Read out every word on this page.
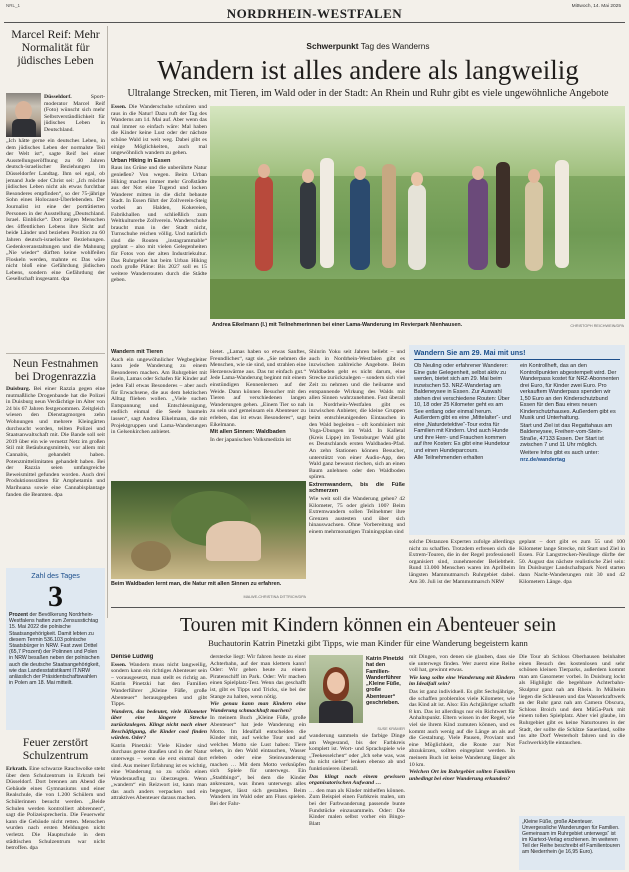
NRL_1
NORDRHEIN-WESTFALEN	Mittwoch, 14. Mai 2025
Marcel Reif: Mehr Normalität für jüdisches Leben
Düsseldorf.	Sport-moderator Marcel Reif (Foto) wünscht sich mehr Selbstverständlichkeit für jüdisches Leben in Deutschland.
„Ich hätte gerne ein deutsches Leben, in dem jüdisches Leben der normalste Teil der Welt ist“, sagte Reif bei einer Ausstellungseröffnung zu 60 Jahren deutsch-israelischer Beziehungen im Düsseldorfer Landtag. Ihm sei egal, ob jemand Jude oder Christ sei: „Ich möchte jüdisches Leben nicht als etwas furchtbar Besonderes empfinden“, so der 75-jährige Sohn eines Holocaust-Überlebenden. Der Journalist ist eine der porträtierten Personen in der Ausstellung „Deutschland. Israel. Einblicke“. Dort zeigen Menschen des öffentlichen Lebens ihre Sicht auf beide Länder und beziehen Position zu 60 Jahren deutsch-israelischer Beziehungen. Gedenkveranstaltungen und die Mahnung „Nie wieder“ dürften keine wohlfeilen Floskeln werden, mahnte er. Das wäre nicht bloß eine Gefährdung jüdischen Lebens, sondern eine Gefährdung der Gesellschaft insgesamt. dpa
Neun Festnahmen bei Drogenrazzia
Duisburg. Bei einer Razzia gegen eine mutmaßliche Drogenbande hat die Polizei in Duisburg neun Verdächtige im Alter von 24 bis 67 Jahren festgenommen. Zeitgleich wiesen den Dienstagmorgen zehn Wohnungen und mehrere Kleingärten durchsucht worden, teilten Polizei und Staatsanwaltschaft mit. Die Bande soll seit 2019 über ein wie vernetzt Netz im großen Stil mit Betäubungsmitteln, vor allem mit Cannabis, gehandelt haben. Potenzmittelimitaten gehandelt haben. Bei der Razzia seien umfangreiche Beweismittel gefunden worden. Auch drei Produktionsstätten für Amphetamin und Marihuana sowie eine Cannabisplantage fanden die Beamten. dpa
Zahl des Tages
3
Prozent der Bevölkerung Nordrhein-Westfalens hatten zum Zensusstichtag 15. Mai 2022 die polnische Staatsangehörigkeit. Damit lebten zu diesem Termin 536.103 polnische Staatsbürger in NRW. Fast zwei Drittel (65,7 Prozent) der Polinnen und Polen in NRW besaßen neben der polnischen auch die deutsche Staatsangehörigkeit, wie das Landesstatistikamt IT.NRW anlässlich der Präsidentschaftswahlen in Polen am 18. Mai mitteilt.
Feuer zerstört Schulzentrum
Erkrath. Eine schwarze Rauchwolke steht über dem Schulzentrum in Erkrath bei Düsseldorf. Dort brennen am Abend die Gebäude eines Gymnasiums und einer Realschule, die von 1.200 Schülern und Schülerinnen besucht werden. „Beide Schulen werden kontrolliert abbrennen“, sagt die Polizeisprecherin. Die Feuerwehr kann die Gebäude nicht retten. Menschen wurden nach ersten Meldungen nicht verletzt. Die Hauptschule in dem städtischen Schulzentrum war nicht betroffen. dpa
Schwerpunkt Tag des Wanderns
Wandern ist alles andere als langweilig
Ultralange Strecken, mit Tieren, im Wald oder in der Stadt: An Rhein und Ruhr gibt es viele ungewöhnliche Angebote

Essen. Die Wanderschuhe schnüren und raus in die Natur! Dazu ruft der Tag des Wanderns am 14. Mai auf. Aber wenn das mal immer so einfach wäre: Mal haben die Kinder keine Lust oder der nächste schöne Wald ist weit weg. Dabei gibt es einige Möglichkeiten, auch mal ungewöhnlich wandern zu gehen.

Urban Hiking in Essen

Raus ins Grüne und die unberührte Natur genießen? Von wegen. Beim Urban Hiking machen immer mehr Großstädte aus der Not eine Tugend und locken Wanderer mitten in die dicht bebaute Stadt. In Essen führt der Zollverein-Steig vorbei an Halden, Kokereien, Fabrikhallen und schließlich zum Weltkulturerbe Zollverein. Wanderschuhe braucht man in der Stadt nicht, Turnschuhe reichen völlig. Und natürlich sind die Routen „instagrammable“ geplant – also mit vielen Gelegenheiten für Fotos von der alten Industriekultur. Das Ruhrgebiet hat beim Urban Hiking noch große Pläne: Bis 2027 soll es 15 weitere Wanderrouten durch die Städte geben.

Wandern mit Tieren

Auch ein ungewöhnlicher Wegbegleiter kann jede Wanderung zu einem Besonderen machen. Am Ruhrgebiet mit Eseln, Lamas oder Schafen für Kinder auf jeden Fall etwas Besonderes – aber auch für Erwachsene, die aus dem hektischen Alltag fliehen wollen. „Viele suchen Entspannung und Entschleunigung, endlich einmal die Seele baumeln lassen“, sagt Andrea Eikelmann, die mit Projektgruppen und Lama-Wanderungen in Gelsenkirchen anbietet.

Andrea Eikelmann (l.) mit Teilnehmerinnen bei einer Lama-Wanderung im Revierpark Nienhausen.	CHRISTOPH REICHWEIN/DPA

bietet. „Lamas haben so etwas Sanftes, Freundliches“, sagt sie. „Sie nehmen die Menschen, wie sie sind, und strahlen eine Herzenswärme aus. Das tut einfach gut.“ Jede Lama-Wanderung beginnt mit einem einstündigen Kennenlernen auf der Weide. Dann können Besucher mit den Tieren auf verschiedenen langen Wanderungen gehen. „Einem Tier so nah zu sein und gemeinsam ein Abenteuer zu erleben, das ist etwas Besonderes“, sagt Eikelmann.

Mit allen Sinnen: Waldbaden

In der japanischen Volksmedizin ist

Shinrin Yoku seit Jahren beliebt – und auch in Nordrhein-Westfalen gibt es inzwischen zahlreiche Angebote. Beim Waldbaden geht es nicht darum, eine Strecke zurückzulegen – sondern sich viel Zeit zu nehmen und die heilsame und entspannende Wirkung des Walds mit allen Sinnen wahrzunehmen. Fast überall in Nordrhein-Westfalen gibt es inzwischen Anbieter, die kleine Gruppen beim entschleunigenden Eintauchen in den Wald begleiten – oft kombiniert mit Yoga-Übungen im Wald. In Kalletal (Kreis Lippe) im Testoburger Wald gibt es Deutschlands ersten Waldbaden-Pfad. An zehn Stationen können Besucher, unterstützt von einer Audio-App, den Wald ganz bewusst riechen, sich an einen Baum anlehnen oder den Waldboden spüren.

Extremwandern, bis die Füße schmerzen

Wie weit soll die Wanderung gehen? 42 Kilometer, 75 oder gleich 100? Beim Extremwandern sollen Teilnehmer ihre Grenzen austesten und über sich hinauswachsen. Ohne Vorbereitung und einem mehrmonatigen Trainingsplan sind

Beim Waldbaden lernt man, die Natur mit allen Sinnen zu erfahren.
MALWE-CHRISTINA DITTRICH/DPA
Wandern Sie am 29. Mai mit uns!

Ob Neuling oder erfahrener Wanderer: Eine gute Gelegenheit, selbst aktiv zu werden, bietet sich am 29. Mai beim inzwischen 53. NRZ-Wandertag am Baldeneysee in Essen. Zur Auswahl stehen drei verschiedene Routen: Über 10, 18 oder 25 Kilometer geht es am See entlang oder einmal herum. Außerdem gibt es eine „Mittelalter“- und eine „Naturdetektive“-Tour extra für Familien mit Kindern. Und auch Hunde und ihre Herr- und Frauchen kommen auf ihre Kosten: Es gibt eine Hundetour und einen Hundeparcours.

Alle Teilnehmenden erhalten

ein Kontrollheft, das an den Kontrollpunkten abgestempelt wird. Der Wanderpass kostet für NRZ-Abonnenten drei Euro, für Kinder zwei Euro. Pro verkauftem Wanderpass spenden wir 1,50 Euro an den Kinderschutzbund Essen für den Bau eines neuen Kinderschutzhauses. Außerdem gibt es Musik und Unterhaltung.

Start und Ziel ist das Regattahaus am Baldeneysee, Freiherr-vom-Stein-Straße, 47133 Essen. Der Start ist zwischen 7 und 11 Uhr möglich.

Weitere Infos gibt es auch unter:

nrz.de/wandertag

solche Distanzen Experten zufolge allerdings nicht zu schaffen. Trotzdem erfreuen sich die Extrem-Touren, die in der Regel professionell organisiert sind, zunehmender Beliebtheit. Rund 13.000 Menschen waren im Aprilbeim längsten Mammutmarsch Ruhrgebiet dabei. Am 30. Juli ist der Mammutmarsch NRW
geplant – dort gibt es zum 55 und 100 Kilometer lange Strecke, mit Start und Ziel in Essen. Für Langstrecken-Neulinge dürfte der 50. August das nächste realistische Ziel sein: Im Duisburger Landschaftspark Nord starten dann Nacht-Wanderungen mit 30 und 42 Kilometern Länge. dpa
Touren mit Kindern können ein Abenteuer sein
Buchautorin Katrin Pinetzki gibt Tipps, wie man Kinder für eine Wanderung begeistern kann

Denise Ludwig

Essen. Wandern muss nicht langweilig, sondern kann ein richtiges Abenteuer sein – vorausgesetzt, man stellt es richtig an. Katrin Pinetzki hat den Familien Wanderführer „Kleine Füße, große Abenteuer“ herausgegeben und gibt Tipps.

Wandern, das bedeutet, viele Kilometer über eine längere Strecke zurückzulegen. Klingt nicht nach einer Beschäftigung, die Kinder cool finden würden. Oder?

Katrin Pinetzki: Viele Kinder sind durchaus gerne draußen und in der Natur unterwegs – wenn sie erst einmal dort sind. Aus meiner Erfahrung ist es wichtig, eine Wanderung so zu schön einen Wanderausflug zu überzeugen. Wenn „wandern“ ein Reizwort ist, kann man das auch anders verpacken und ein attraktives Abenteuer daraus machen.

derstecke liegt: Wir fahren heute zu einer Achterbahn, auf der man klettern kann! Oder: Wir gehen heute zu einem Piratenschiff im Park. Oder: Wir machen einen Spielplatz-Test. Wenn das geschafft ist, gibt es Tipps und Tricks, sie bei der Stange zu halten, wenn nötig.

Wie genau kann man Kindern eine Wanderung schmackhaft machen?

In meinem Buch „Kleine Füße, große Abenteuer“ hat jede Wanderung ein Motto. Im Idealfall entscheiden die Kinder mit, auf welche Tour und auf welches Motto sie Lust haben: Tiere sehen, in den Wald eintauchen, Wasser erleben oder eine Steinwanderung machen … Mit dem Motto verknüpfen sich Spiele für unterwegs. Ein „Stadtbingo“, bei dem die Kinder ankreuzen, was ihnen unterwegs alles begegnet, lässt sich gestalten. Beim Wandern im Wald oder am Fluss spielen. Bei der Fahr-

Katrin Pinetzki hat den Familien-Wanderführer „Kleine Füße, große Abenteuer“ geschrieben.
SUSE KRÄMER

wanderung sammeln sie farbige Dinge am Wegesrand, bis der Farbkreis komplett ist. Wort- und Sprachspiele wie „Teekesselchen“ oder „Ich sehe was, was du nicht siehst“ lenken ebenso ab und funktionieren überall.

Das klingt nach einem gewissen organisatorischen Aufwand …

… den man als Kinder mithelfen können. Zum Beispiel einen Farbkreis malen, um bei der Farbwanderung passende bunte Fundstücke einzusammeln. Oder: Die Kinder malen selbst vorher ein Bingo-Blatt

mit Dingen, von denen sie glauben, dass sie sie unterwegs finden. Wer zuerst eine Reihe voll hat, gewinnt etwas.

Wie lang sollte eine Wanderung mit Kindern im Idealfall sein?

Das ist ganz individuell. Es gibt Sechsjährige, die schaffen problemlos viele Kilometer, wie das Kind alt ist. Also: Ein Achtjähriger schafft 8 km. Das ist allerdings nur ein Richtwert für Anhaltspunkt. Eltern wissen in der Regel, wie viel sie ihrem Kind zumuten können, und es kommt auch wenig auf die Länge an als auf die Gestaltung. Viele Pausen, Proviant und eine Möglichkeit, die Route zur Not abzukürzen, sollten eingeplant werden. In meinem Buch ist keine Wanderung länger als 10 km.

Welchen Ort im Ruhrgebiet sollten Familien unbedingt bei einer Wanderung erkunden?

Die Tour ab Schloss Oberhausen beinhaltet einen Besuch des kostenlosen und sehr schönen kleinen Tierparks, außerdem kommt man am Gasometer vorbei. In Duisburg lockt als Highlight die begehbare Achterbahn-Skulptur ganz nah am Rhein. In Mülheim liegen die Schleusen und das Wasserkraftwerk an der Ruhr ganz nah am Camera Obscura, Schloss Broich und dem MüGa-Park mit einem tollen Spielplatz. Aber viel glaube, im Ruhrgebiet gibt es keine Naturtouren in der Stadt, der sollte die Schätze Sauerland, sollte ins alte Dorf Westerholt fahren und in die Fachwerkidylle eintauchen.
„Kleine Füße, große Abenteuer. Unvergessliche Wanderungen für Familien. Gemeinsam im Ruhrgebiet unterwegs“ ist im Klartext-Verlag erschienen. Im weiteren Teil der Reihe beschreibt elf Familientouren am Niederrhein (je 16,95 Euro).
